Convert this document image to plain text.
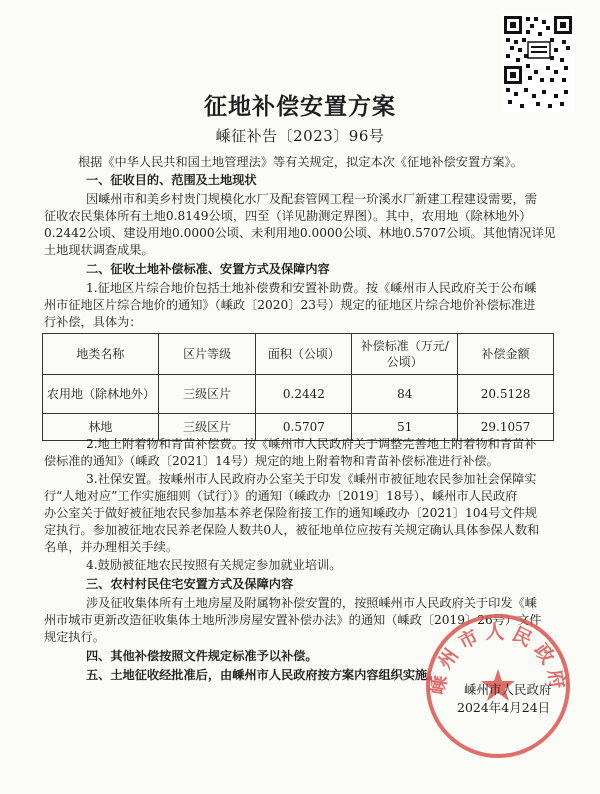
征地补偿安置方案
嵊征补告〔2023〕96号
根据《中华人民共和国土地管理法》等有关规定，拟定本次《征地补偿安置方案》。
一、征收目的、范围及土地现状
因嵊州市和美乡村贵门规模化水厂及配套管网工程一玠溪水厂新建工程建设需要，需
征收农民集体所有土地0.8149公顷，四至（详见勘测定界图）。其中，农用地（除林地外）
0.2442公顷、建设用地0.0000公顷、未利用地0.0000公顷、林地0.5707公顷。其他情况详见
土地现状调查成果。
二、征收土地补偿标准、安置方式及保障内容
1.征地区片综合地价包括土地补偿费和安置补助费。按《嵊州市人民政府关于公布嵊
州市征地区片综合地价的通知》（嵊政〔2020〕23号）规定的征地区片综合地价补偿标准进
行补偿，具体为：
地类名称	区片等级	面积（公顷）	补偿标准（万元/公顷）	补偿金额
农用地（除林地外）	三级区片	0.2442	84	20.5128
林地	三级区片	0.5707	51	29.1057
2.地上附着物和青苗补偿费。按《嵊州市人民政府关于调整完善地上附着物和青苗补
偿标准的通知》（嵊政〔2021〕14号）规定的地上附着物和青苗补偿标准进行补偿。
3.社保安置。按嵊州市人民政府办公室关于印发《嵊州市被征地农民参加社会保障实
行“人地对应”工作实施细则（试行）》的通知（嵊政办〔2019〕18号）、嵊州市人民政府
办公室关于做好被征地农民参加基本养老保险衔接工作的通知嵊政办〔2021〕104号文件规
定执行。参加被征地农民养老保险人数共0人，被征地单位应按有关规定确认具体参保人数和
名单，并办理相关手续。
4.鼓励被征地农民按照有关规定参加就业培训。
三、农村村民住宅安置方式及保障内容
涉及征收集体所有土地房屋及附属物补偿安置的，按照嵊州市人民政府关于印发《嵊
州市城市更新改造征收集体土地所涉房屋安置补偿办法》的通知（嵊政〔2019〕26号）文件
规定执行。
四、其他补偿按照文件规定标准予以补偿。
五、土地征收经批准后，由嵊州市人民政府按方案内容组织实施。
嵊州市人民政府
嵊州市人民政府
2024年4月24日
